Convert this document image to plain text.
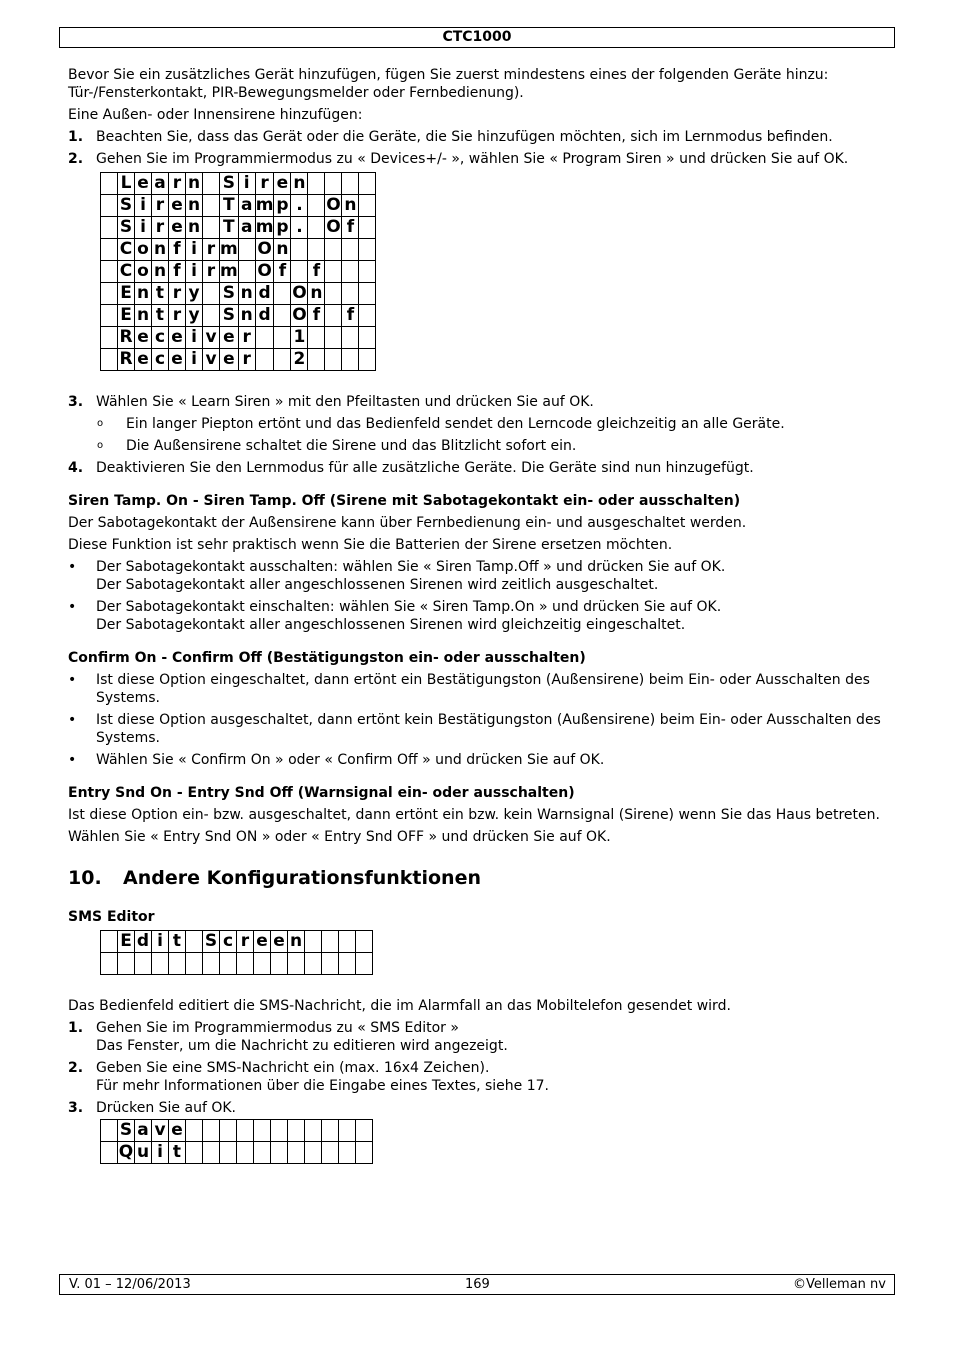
CTC1000

Bevor Sie ein zusätzliches Gerät hinzufügen, fügen Sie zuerst mindestens eines der folgenden Geräte hinzu: Tür-/Fensterkontakt, PIR-Bewegungsmelder oder Fernbedienung).

Eine Außen- oder Innensirene hinzufügen:

1. Beachten Sie, dass das Gerät oder die Geräte, die Sie hinzufügen möchten, sich im Lernmodus befinden.
2. Gehen Sie im Programmiermodus zu « Devices+/- », wählen Sie « Program Siren » und drücken Sie auf OK.
	L	e	a	r	n		S	i	r	e	n				
	S	i	r	e	n		T	a	m	p	.		O	n	
	S	i	r	e	n		T	a	m	p	.		O	f	
	C	o	n	f	i	r	m		O	n					
	C	o	n	f	i	r	m		O	f		f			
	E	n	t	r	y		S	n	d		O	n			
	E	n	t	r	y		S	n	d		O	f		f	
	R	e	c	e	i	v	e	r			1				
	R	e	c	e	i	v	e	r			2				
3. Wählen Sie « Learn Siren » mit den Pfeiltasten und drücken Sie auf OK.
o	Ein langer Piepton ertönt und das Bedienfeld sendet den Lerncode gleichzeitig an alle Geräte.
o	Die Außensirene schaltet die Sirene und das Blitzlicht sofort ein.
4. Deaktivieren Sie den Lernmodus für alle zusätzliche Geräte. Die Geräte sind nun hinzugefügt.
Siren Tamp. On - Siren Tamp. Off (Sirene mit Sabotagekontakt ein- oder ausschalten)

Der Sabotagekontakt der Außensirene kann über Fernbedienung ein- und ausgeschaltet werden.

Diese Funktion ist sehr praktisch wenn Sie die Batterien der Sirene ersetzen möchten.

•	Der Sabotagekontakt ausschalten: wählen Sie « Siren Tamp.Off » und drücken Sie auf OK.
Der Sabotagekontakt aller angeschlossenen Sirenen wird zeitlich ausgeschaltet.
•	Der Sabotagekontakt einschalten: wählen Sie « Siren Tamp.On » und drücken Sie auf OK.
Der Sabotagekontakt aller angeschlossenen Sirenen wird gleichzeitig eingeschaltet.
Confirm On - Confirm Off (Bestätigungston ein- oder ausschalten)
•	Ist diese Option eingeschaltet, dann ertönt ein Bestätigungston (Außensirene) beim Ein- oder Ausschalten des Systems.
•	Ist diese Option ausgeschaltet, dann ertönt kein Bestätigungston (Außensirene) beim Ein- oder Ausschalten des Systems.
•	Wählen Sie « Confirm On » oder « Confirm Off » und drücken Sie auf OK.
Entry Snd On - Entry Snd Off (Warnsignal ein- oder ausschalten)

Ist diese Option ein- bzw. ausgeschaltet, dann ertönt ein bzw. kein Warnsignal (Sirene) wenn Sie das Haus betreten.

Wählen Sie « Entry Snd ON » oder « Entry Snd OFF » und drücken Sie auf OK.

10. Andere Konfigurationsfunktionen
SMS Editor
	E	d	i	t		S	c	r	e	e	n				

Das Bedienfeld editiert die SMS-Nachricht, die im Alarmfall an das Mobiltelefon gesendet wird.

1. Gehen Sie im Programmiermodus zu « SMS Editor »
Das Fenster, um die Nachricht zu editieren wird angezeigt.
2. Geben Sie eine SMS-Nachricht ein (max. 16x4 Zeichen).
Für mehr Informationen über die Eingabe eines Textes, siehe 17.
3. Drücken Sie auf OK.
	S	a	v	e											
	Q	u	i	t											
V. 01 – 12/06/2013	169	©Velleman nv
